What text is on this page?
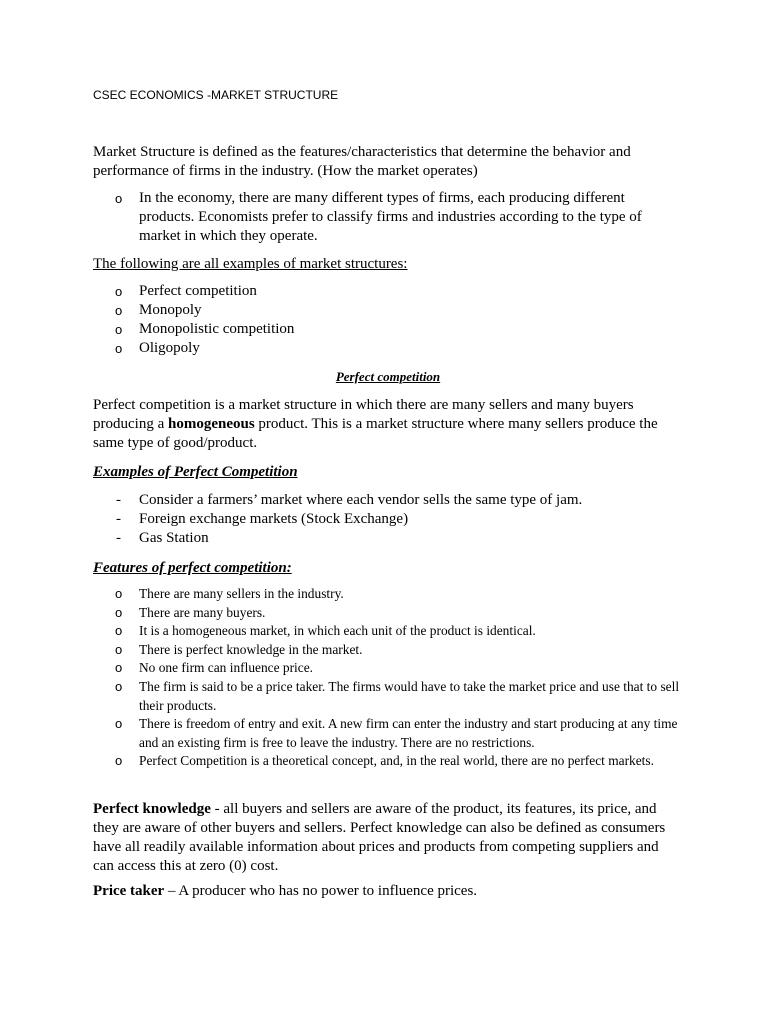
CSEC ECONOMICS -MARKET STRUCTURE

Market Structure is defined as the features/characteristics that determine the behavior and performance of firms in the industry. (How the market operates)

o In the economy, there are many different types of firms, each producing different products. Economists prefer to classify firms and industries according to the type of market in which they operate.

The following are all examples of market structures:

o Perfect competition
o Monopoly
o Monopolistic competition
o Oligopoly

Perfect competition

Perfect competition is a market structure in which there are many sellers and many buyers producing a homogeneous product. This is a market structure where many sellers produce the same type of good/product.

Examples of Perfect Competition

- Consider a farmers’ market where each vendor sells the same type of jam.
- Foreign exchange markets (Stock Exchange)
- Gas Station

Features of perfect competition:

o There are many sellers in the industry.
o There are many buyers.
o It is a homogeneous market, in which each unit of the product is identical.
o There is perfect knowledge in the market.
o No one firm can influence price.
o The firm is said to be a price taker. The firms would have to take the market price and use that to sell their products.
o There is freedom of entry and exit. A new firm can enter the industry and start producing at any time and an existing firm is free to leave the industry. There are no restrictions.
o Perfect Competition is a theoretical concept, and, in the real world, there are no perfect markets.

Perfect knowledge - all buyers and sellers are aware of the product, its features, its price, and they are aware of other buyers and sellers. Perfect knowledge can also be defined as consumers have all readily available information about prices and products from competing suppliers and can access this at zero (0) cost.

Price taker – A producer who has no power to influence prices.
